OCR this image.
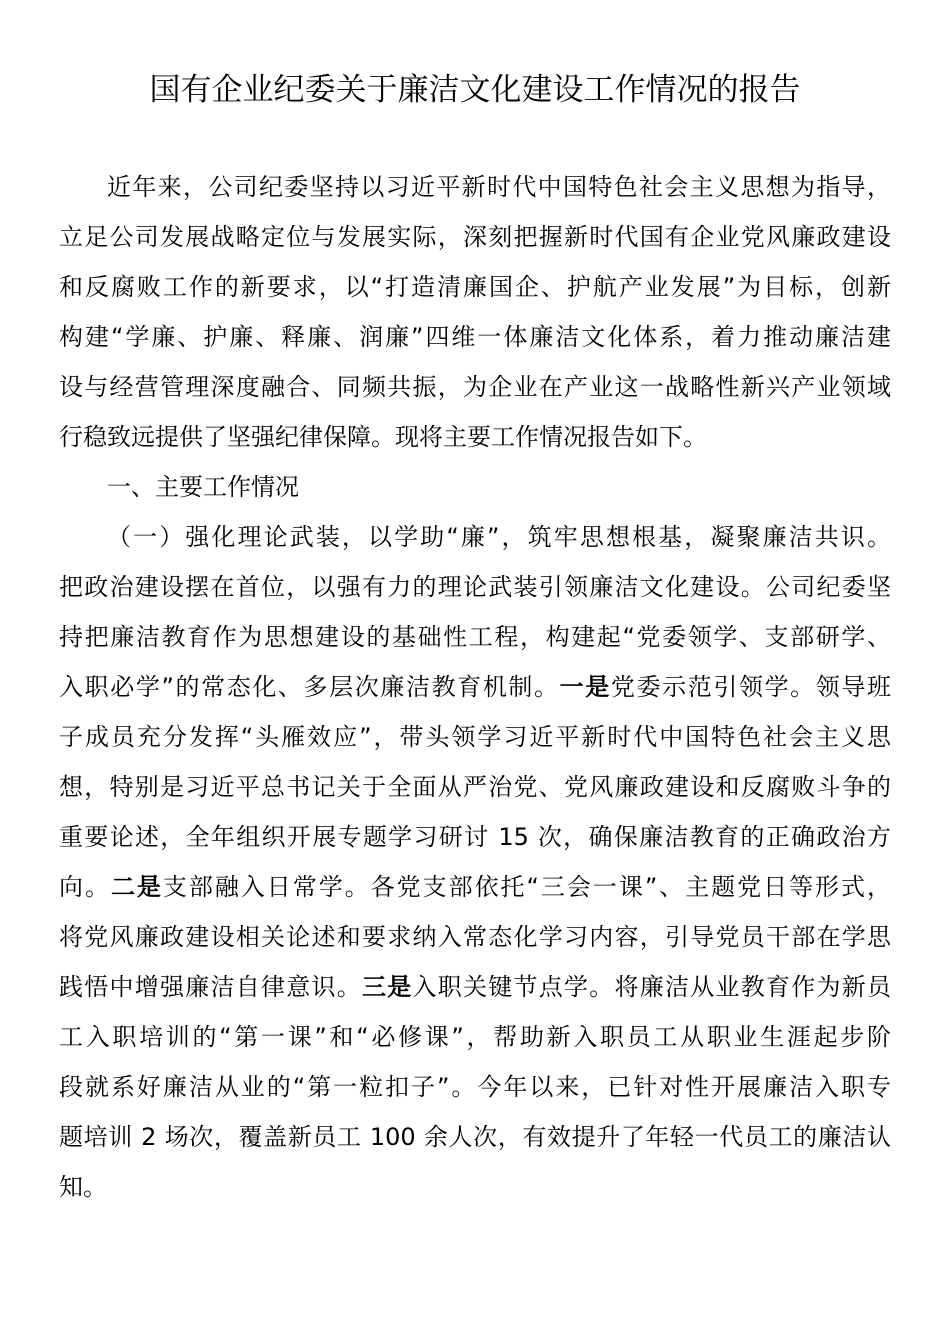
国有企业纪委关于廉洁文化建设工作情况的报告
近年来，公司纪委坚持以习近平新时代中国特色社会主义思想为指导，
立足公司发展战略定位与发展实际，深刻把握新时代国有企业党风廉政建设
和反腐败工作的新要求，以“打造清廉国企、护航产业发展”为目标，创新
构建“学廉、护廉、释廉、润廉”四维一体廉洁文化体系，着力推动廉洁建
设与经营管理深度融合、同频共振，为企业在产业这一战略性新兴产业领域
行稳致远提供了坚强纪律保障。现将主要工作情况报告如下。
一、主要工作情况
（一）强化理论武装，以学助“廉”，筑牢思想根基，凝聚廉洁共识。
把政治建设摆在首位，以强有力的理论武装引领廉洁文化建设。公司纪委坚
持把廉洁教育作为思想建设的基础性工程，构建起“党委领学、支部研学、
入职必学”的常态化、多层次廉洁教育机制。一是党委示范引领学。领导班
子成员充分发挥“头雁效应”，带头领学习近平新时代中国特色社会主义思
想，特别是习近平总书记关于全面从严治党、党风廉政建设和反腐败斗争的
重要论述，全年组织开展专题学习研讨 15 次，确保廉洁教育的正确政治方
向。二是支部融入日常学。各党支部依托“三会一课”、主题党日等形式，
将党风廉政建设相关论述和要求纳入常态化学习内容，引导党员干部在学思
践悟中增强廉洁自律意识。三是入职关键节点学。将廉洁从业教育作为新员
工入职培训的“第一课”和“必修课”，帮助新入职员工从职业生涯起步阶
段就系好廉洁从业的“第一粒扣子”。今年以来，已针对性开展廉洁入职专
题培训 2 场次，覆盖新员工 100 余人次，有效提升了年轻一代员工的廉洁认
知。
